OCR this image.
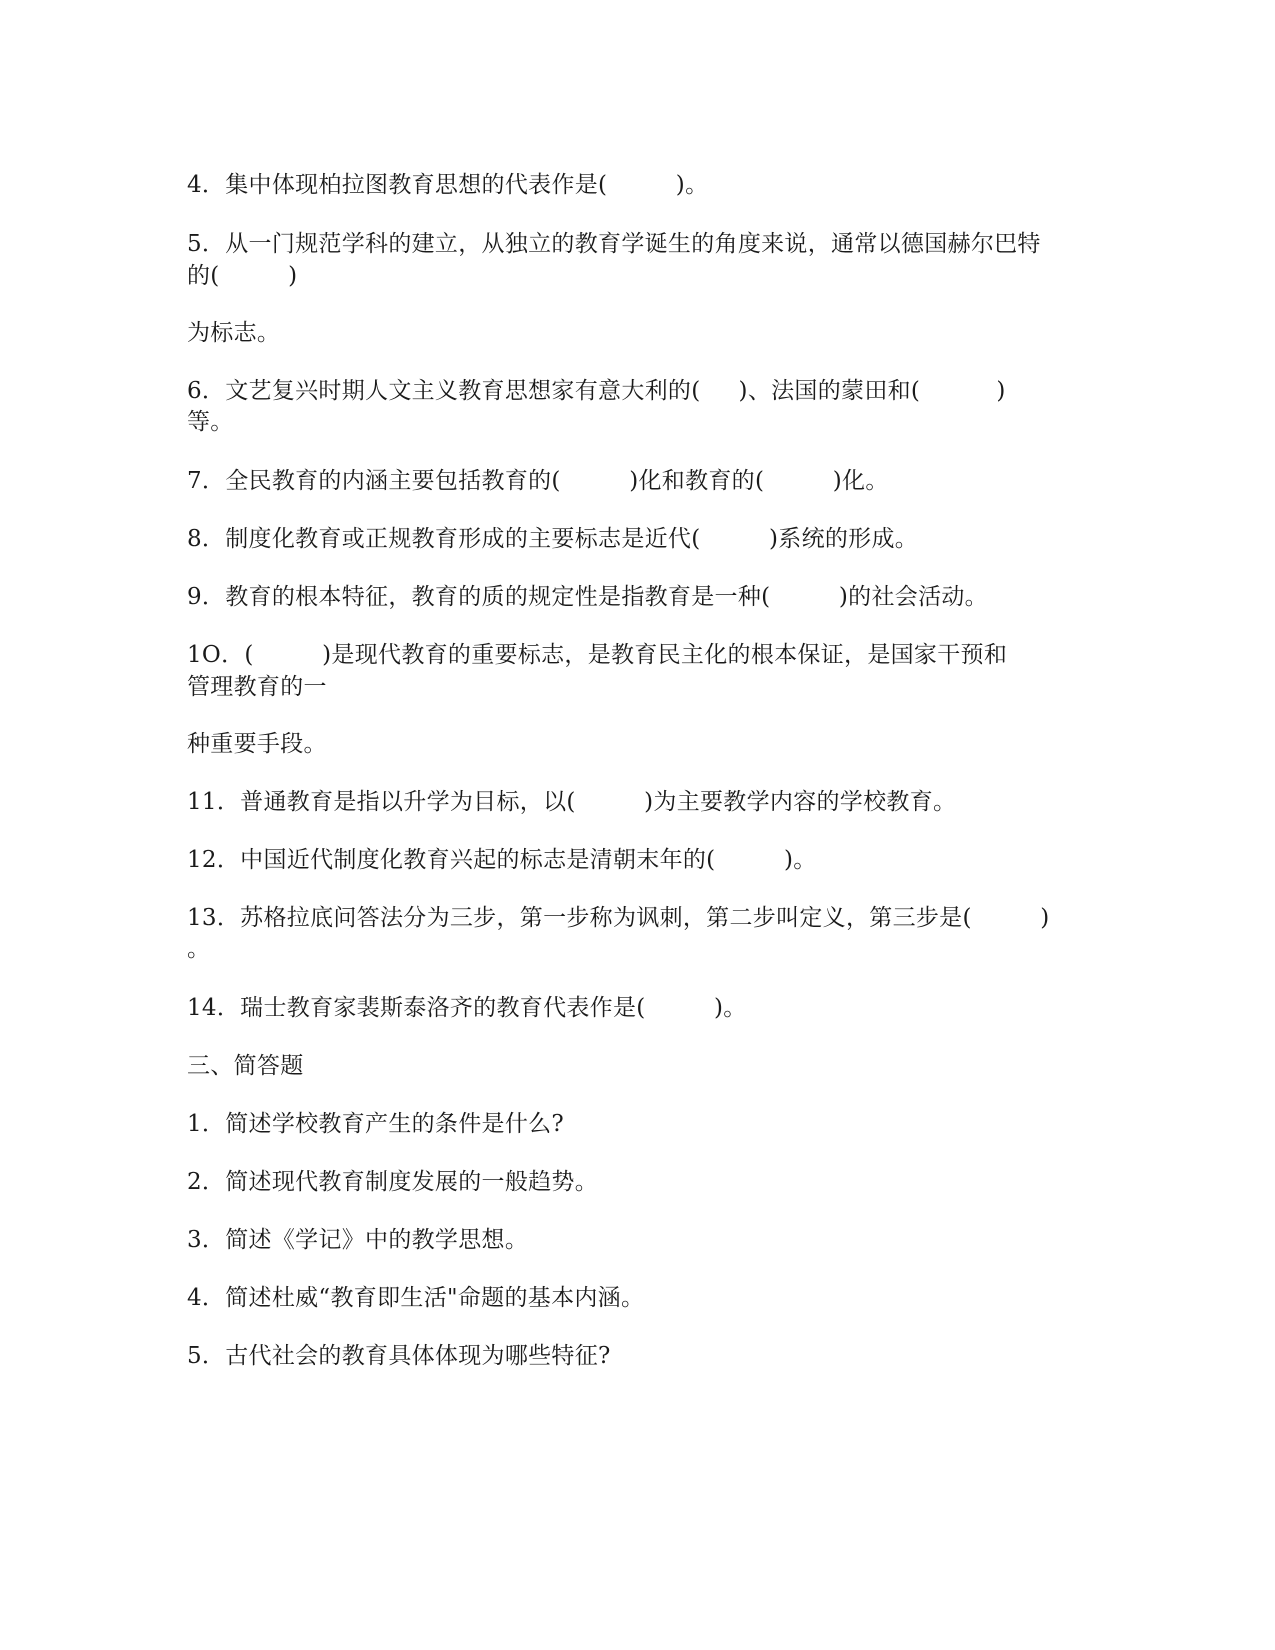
4．集中体现柏拉图教育思想的代表作是(         )。
5．从一门规范学科的建立，从独立的教育学诞生的角度来说，通常以德国赫尔巴特
的(         )
为标志。
6．文艺复兴时期人文主义教育思想家有意大利的(     )、法国的蒙田和(          )
等。
7．全民教育的内涵主要包括教育的(         )化和教育的(         )化。
8．制度化教育或正规教育形成的主要标志是近代(         )系统的形成。
9．教育的根本特征，教育的质的规定性是指教育是一种(         )的社会活动。
1O．(         )是现代教育的重要标志，是教育民主化的根本保证，是国家干预和
管理教育的一
种重要手段。
11．普通教育是指以升学为目标，以(         )为主要教学内容的学校教育。
12．中国近代制度化教育兴起的标志是清朝末年的(         )。
13．苏格拉底问答法分为三步，第一步称为讽刺，第二步叫定义，第三步是(         )
。
14．瑞士教育家裴斯泰洛齐的教育代表作是(         )。
三、简答题
1．简述学校教育产生的条件是什么?
2．简述现代教育制度发展的一般趋势。
3．简述《学记》中的教学思想。
4．简述杜威“教育即生活"命题的基本内涵。
5．古代社会的教育具体体现为哪些特征?
